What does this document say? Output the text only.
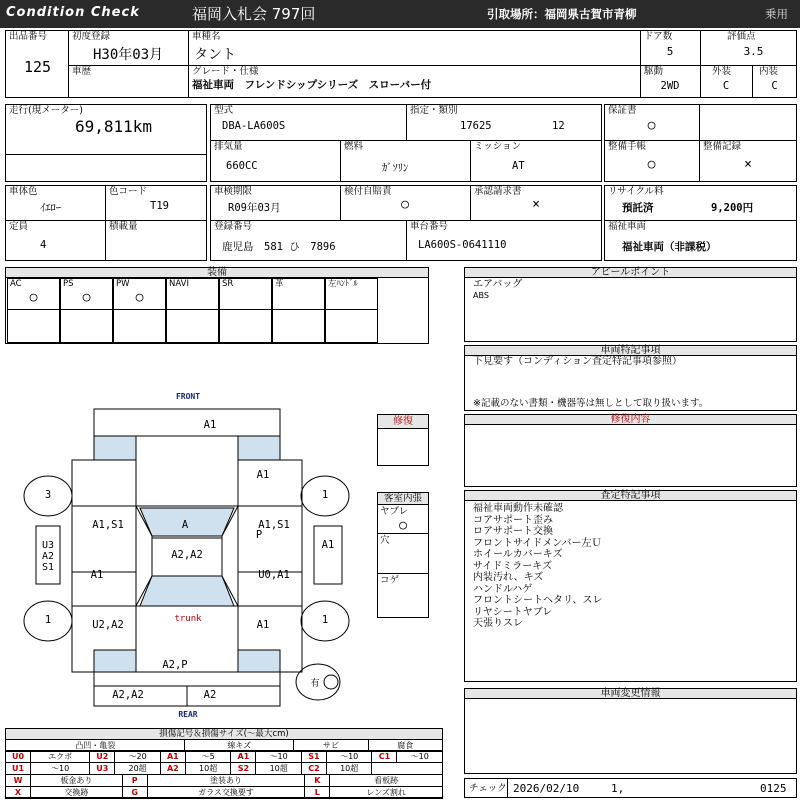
Condition Check	福岡入札会 797回	引取場所：福岡県古賀市青柳	乗用
出品番号
125
初度登録
H30年03月
車種名
タント
ドア数
5
評価点
3.5
車歴	グレード・仕様
福祉車両　フレンドシップシリーズ　スローバー付
駆動
2WD
外装
C
内装
C
走行(現メーター)
69,811km
型式
DBA-LA600S
指定・類別
17625	12
排気量
660CC
燃料
ｶﾞｿﾘﾝ
ミッション
AT
保証書
○
整備手帳
○
整備記録
×
車体色
ｲｴﾛｰ
色コード
T19
定員
4
積載量
車検期限
R09年03月
検付自賠責
○
承認請求書
×
登録番号
鹿児島　581 ひ　7896
車台番号
LA600S-0641110
リサイクル料
預託済	9,200円
福祉車両
福祉車両（非課税）
装備
AC
○
PS
○
PW
○
NAVI	SR	革	左ﾊﾝﾄﾞﾙ
アピールポイント
エアバッグ
ABS
車両特記事項
下見要す（コンディション査定特記事項参照）
※記載のない書類・機器等は無しとして取り扱います。
修復内容
査定特記事項
福祉車両動作未確認
コアサポート歪み
ロアサポート交換
フロントサイドメンバー左Ｕ
ホイールカバーキズ
サイドミラーキズ
内装汚れ、キズ
ハンドルハゲ
フロントシートヘタリ、スレ
リヤシートヤブレ
天張りスレ
車両変更情報
修復
客室内張
ヤブレ
○
穴
コゲ
FRONT
REAR
A1
A1
A1,S1	A	A1,S1
P
A2,A2
A1	U0,A1
trunk
U2,A2	A1
A2,P
A2,A2	A2
3	1
1	1
U3
A2
S1
A1
有
損傷記号＆損傷サイズ(〜最大cm)
凸凹・亀裂	線キズ	サビ	腐食
U0	エクボ	U2	〜20	A1	〜5	A1	〜10	S1	〜10	C1	〜10
U1	〜10	U3	20超	A2	10超	S2	10超	C2	10超		
W	板金あり	P	塗装あり	K	看板跡
X	交換跡	G	ガラス交換要す	L	レンズ割れ	チェック 2026/02/10	1,	0125
